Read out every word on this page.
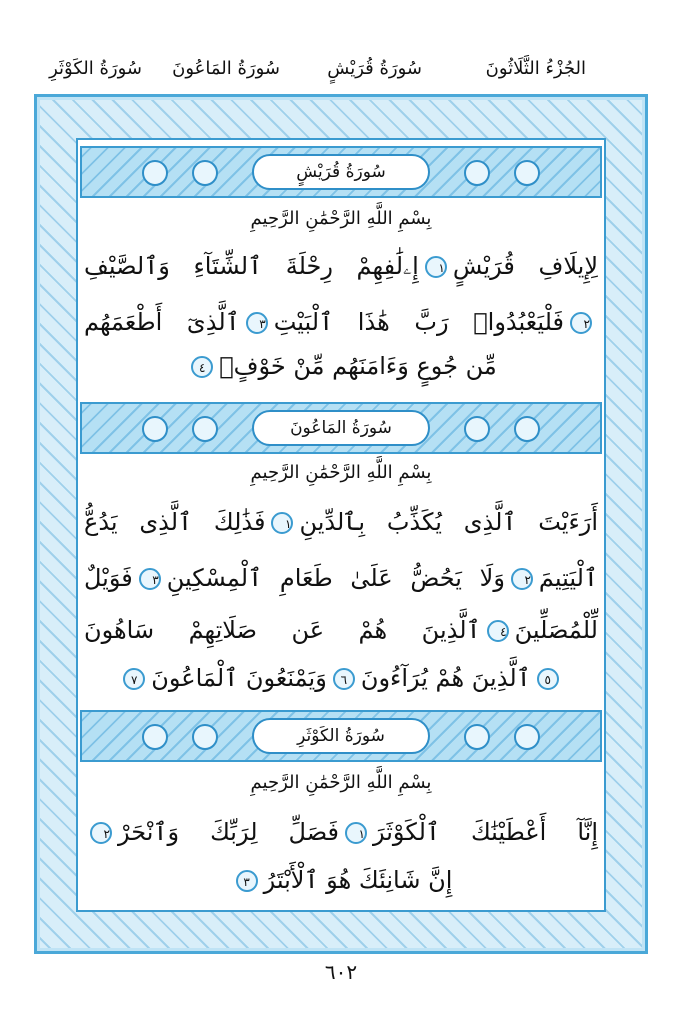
الجُزْءُ الثَّلَاثُونَ
سُورَةُ قُرَيْشٍ
سُورَةُ المَاعُونَ
سُورَةُ الكَوْثَرِ
سُورَةُ قُرَيْشٍ
بِسْمِ اللَّهِ الرَّحْمَٰنِ الرَّحِيمِ
لِإِيلَافِ قُرَيْشٍ١إِۦلَٰفِهِمْ رِحْلَةَ ٱلشِّتَآءِ وَٱلصَّيْفِ
٢فَلْيَعْبُدُوا۟ رَبَّ هَٰذَا ٱلْبَيْتِ٣ٱلَّذِىٓ أَطْعَمَهُم
مِّن جُوعٍ وَءَامَنَهُم مِّنْ خَوْفٍۭ٤
سُورَةُ المَاعُونَ
بِسْمِ اللَّهِ الرَّحْمَٰنِ الرَّحِيمِ
أَرَءَيْتَ ٱلَّذِى يُكَذِّبُ بِٱلدِّينِ١فَذَٰلِكَ ٱلَّذِى يَدُعُّ
ٱلْيَتِيمَ٢وَلَا يَحُضُّ عَلَىٰ طَعَامِ ٱلْمِسْكِينِ٣فَوَيْلٌ
لِّلْمُصَلِّينَ٤ٱلَّذِينَ هُمْ عَن صَلَاتِهِمْ سَاهُونَ
٥ٱلَّذِينَ هُمْ يُرَآءُونَ٦وَيَمْنَعُونَ ٱلْمَاعُونَ٧
سُورَةُ الكَوْثَرِ
بِسْمِ اللَّهِ الرَّحْمَٰنِ الرَّحِيمِ
إِنَّآ أَعْطَيْنَٰكَ ٱلْكَوْثَرَ١فَصَلِّ لِرَبِّكَ وَٱنْحَرْ٢
إِنَّ شَانِئَكَ هُوَ ٱلْأَبْتَرُ٣
٦٠٢
